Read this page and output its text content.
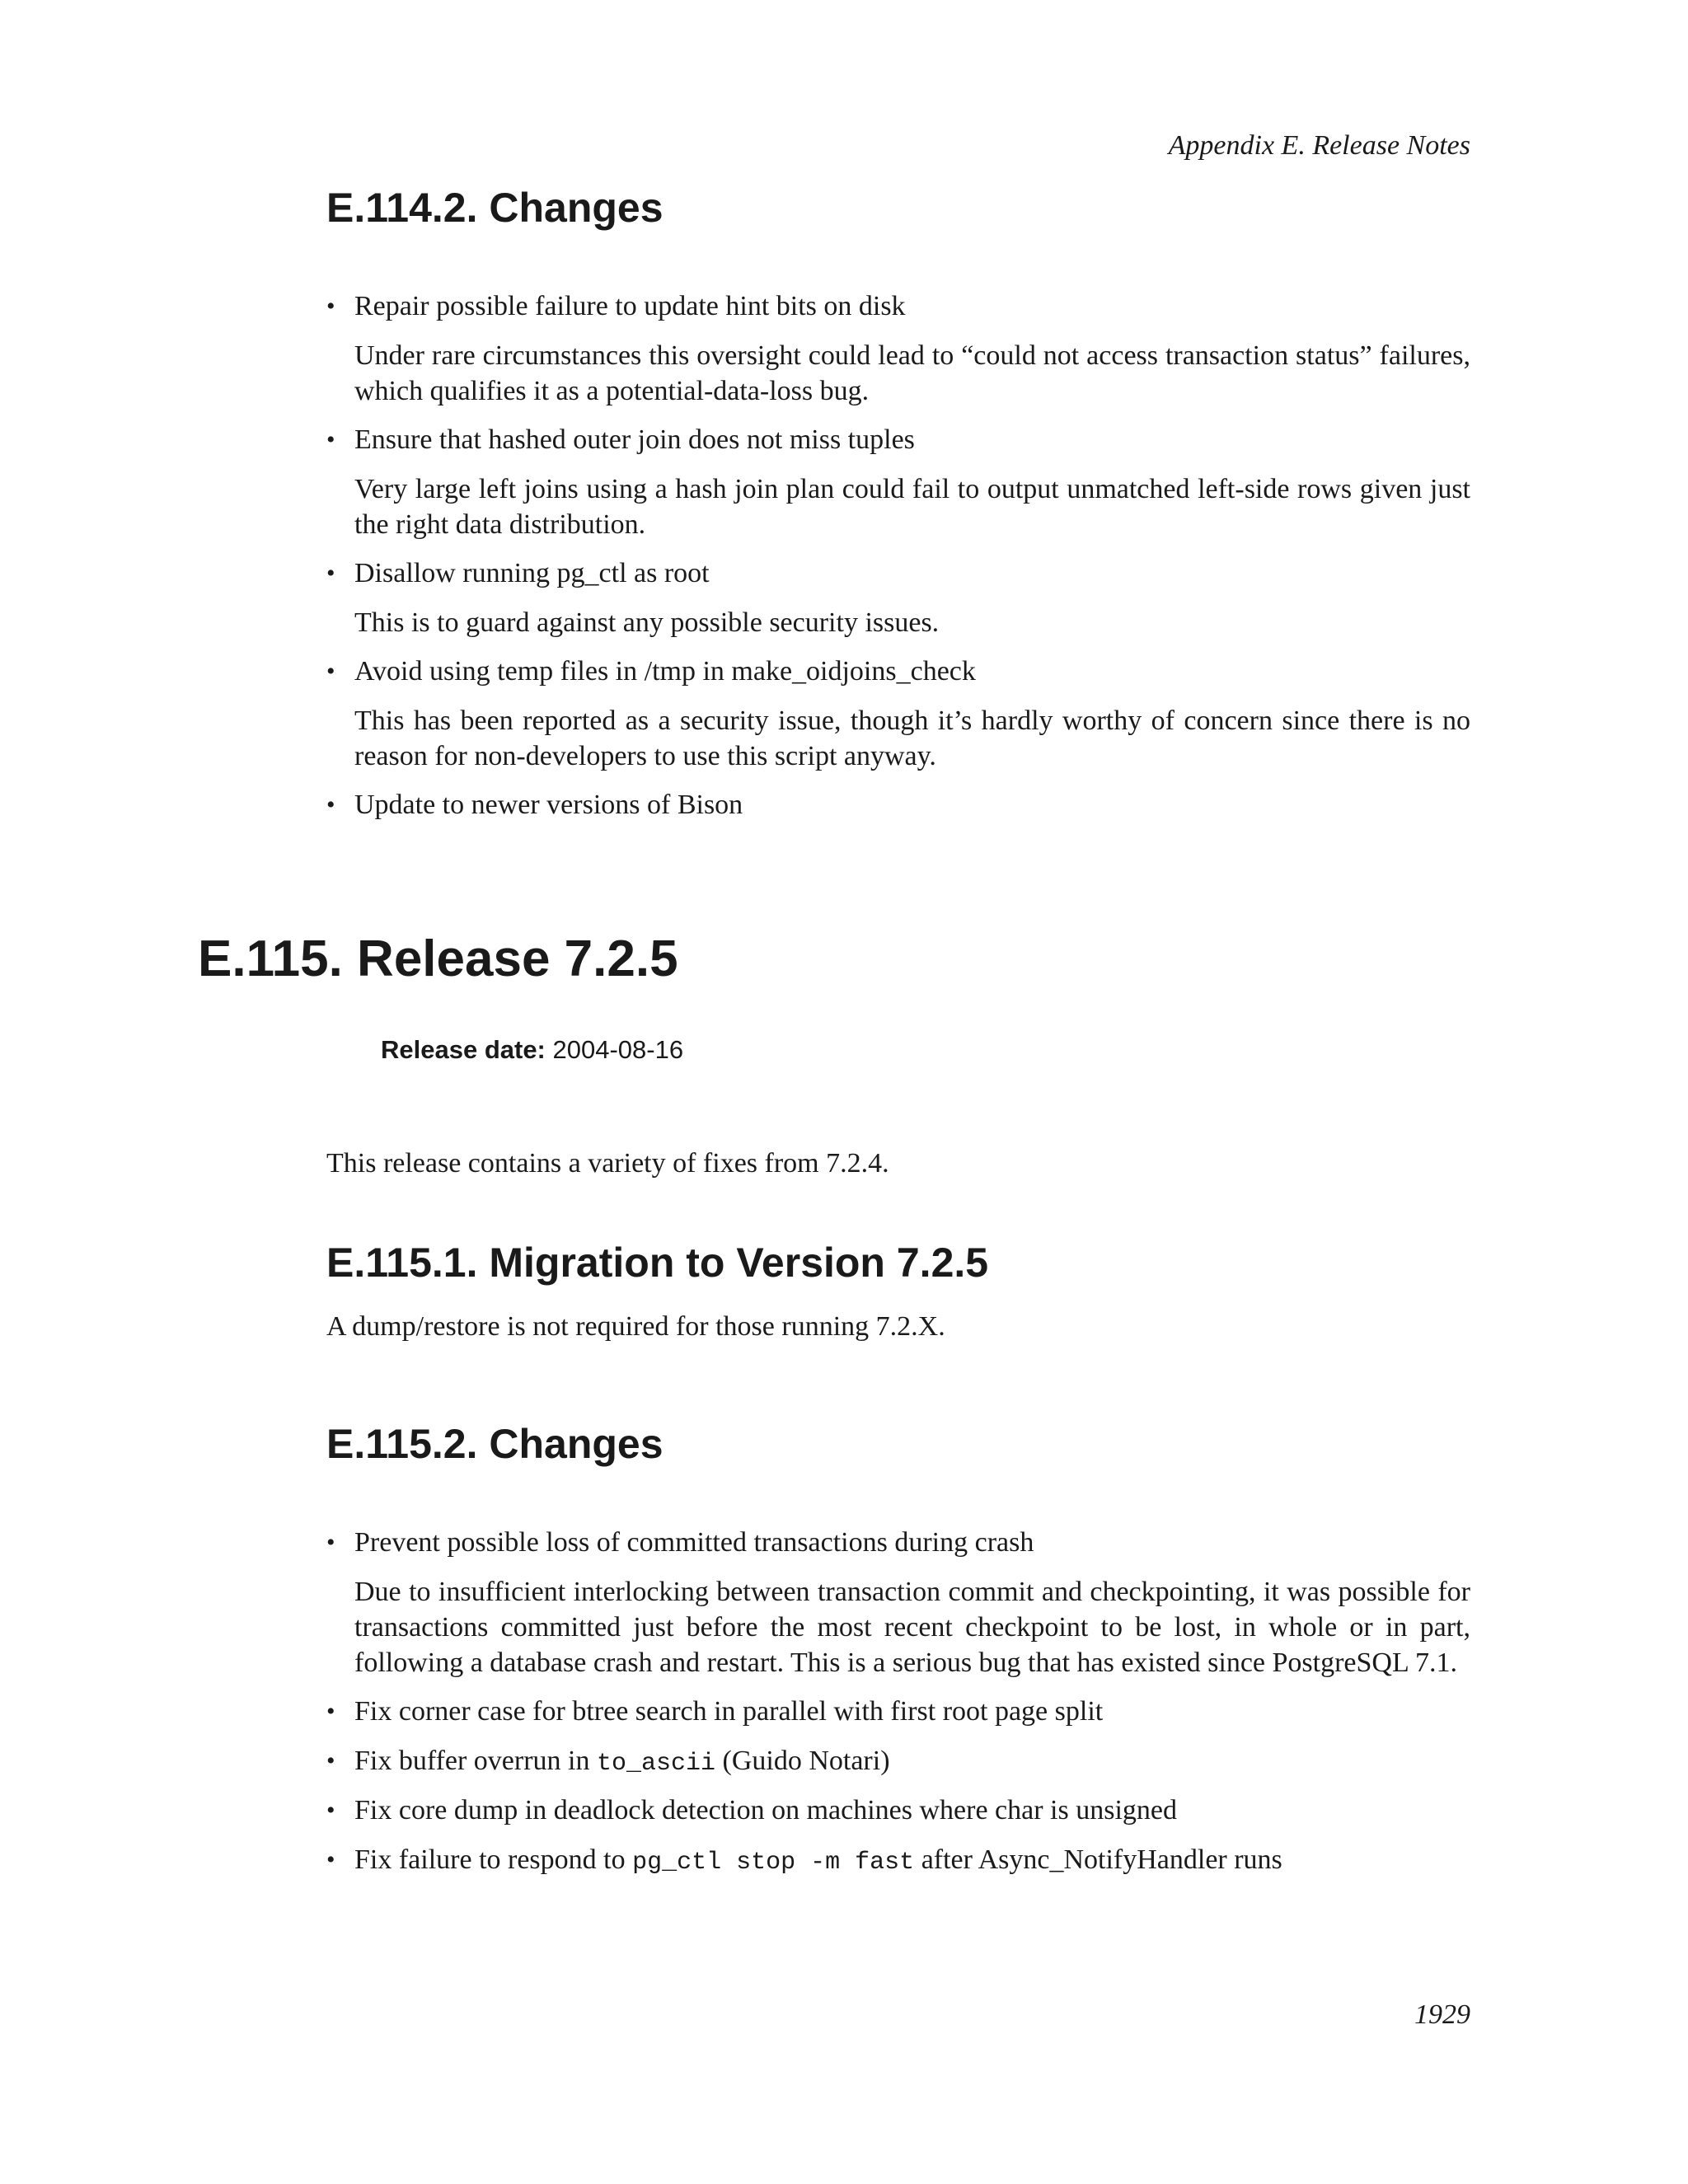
Appendix E. Release Notes
E.114.2. Changes
• Repair possible failure to update hint bits on disk
Under rare circumstances this oversight could lead to “could not access transaction status” failures, which qualifies it as a potential-data-loss bug.
• Ensure that hashed outer join does not miss tuples
Very large left joins using a hash join plan could fail to output unmatched left-side rows given just the right data distribution.
• Disallow running pg_ctl as root
This is to guard against any possible security issues.
• Avoid using temp files in /tmp in make_oidjoins_check
This has been reported as a security issue, though it’s hardly worthy of concern since there is no reason for non-developers to use this script anyway.
• Update to newer versions of Bison
E.115. Release 7.2.5
Release date: 2004-08-16
This release contains a variety of fixes from 7.2.4.
E.115.1. Migration to Version 7.2.5
A dump/restore is not required for those running 7.2.X.
E.115.2. Changes
• Prevent possible loss of committed transactions during crash
Due to insufficient interlocking between transaction commit and checkpointing, it was possible for transactions committed just before the most recent checkpoint to be lost, in whole or in part, following a database crash and restart. This is a serious bug that has existed since PostgreSQL 7.1.
• Fix corner case for btree search in parallel with first root page split
• Fix buffer overrun in to_ascii (Guido Notari)
• Fix core dump in deadlock detection on machines where char is unsigned
• Fix failure to respond to pg_ctl stop -m fast after Async_NotifyHandler runs
1929
